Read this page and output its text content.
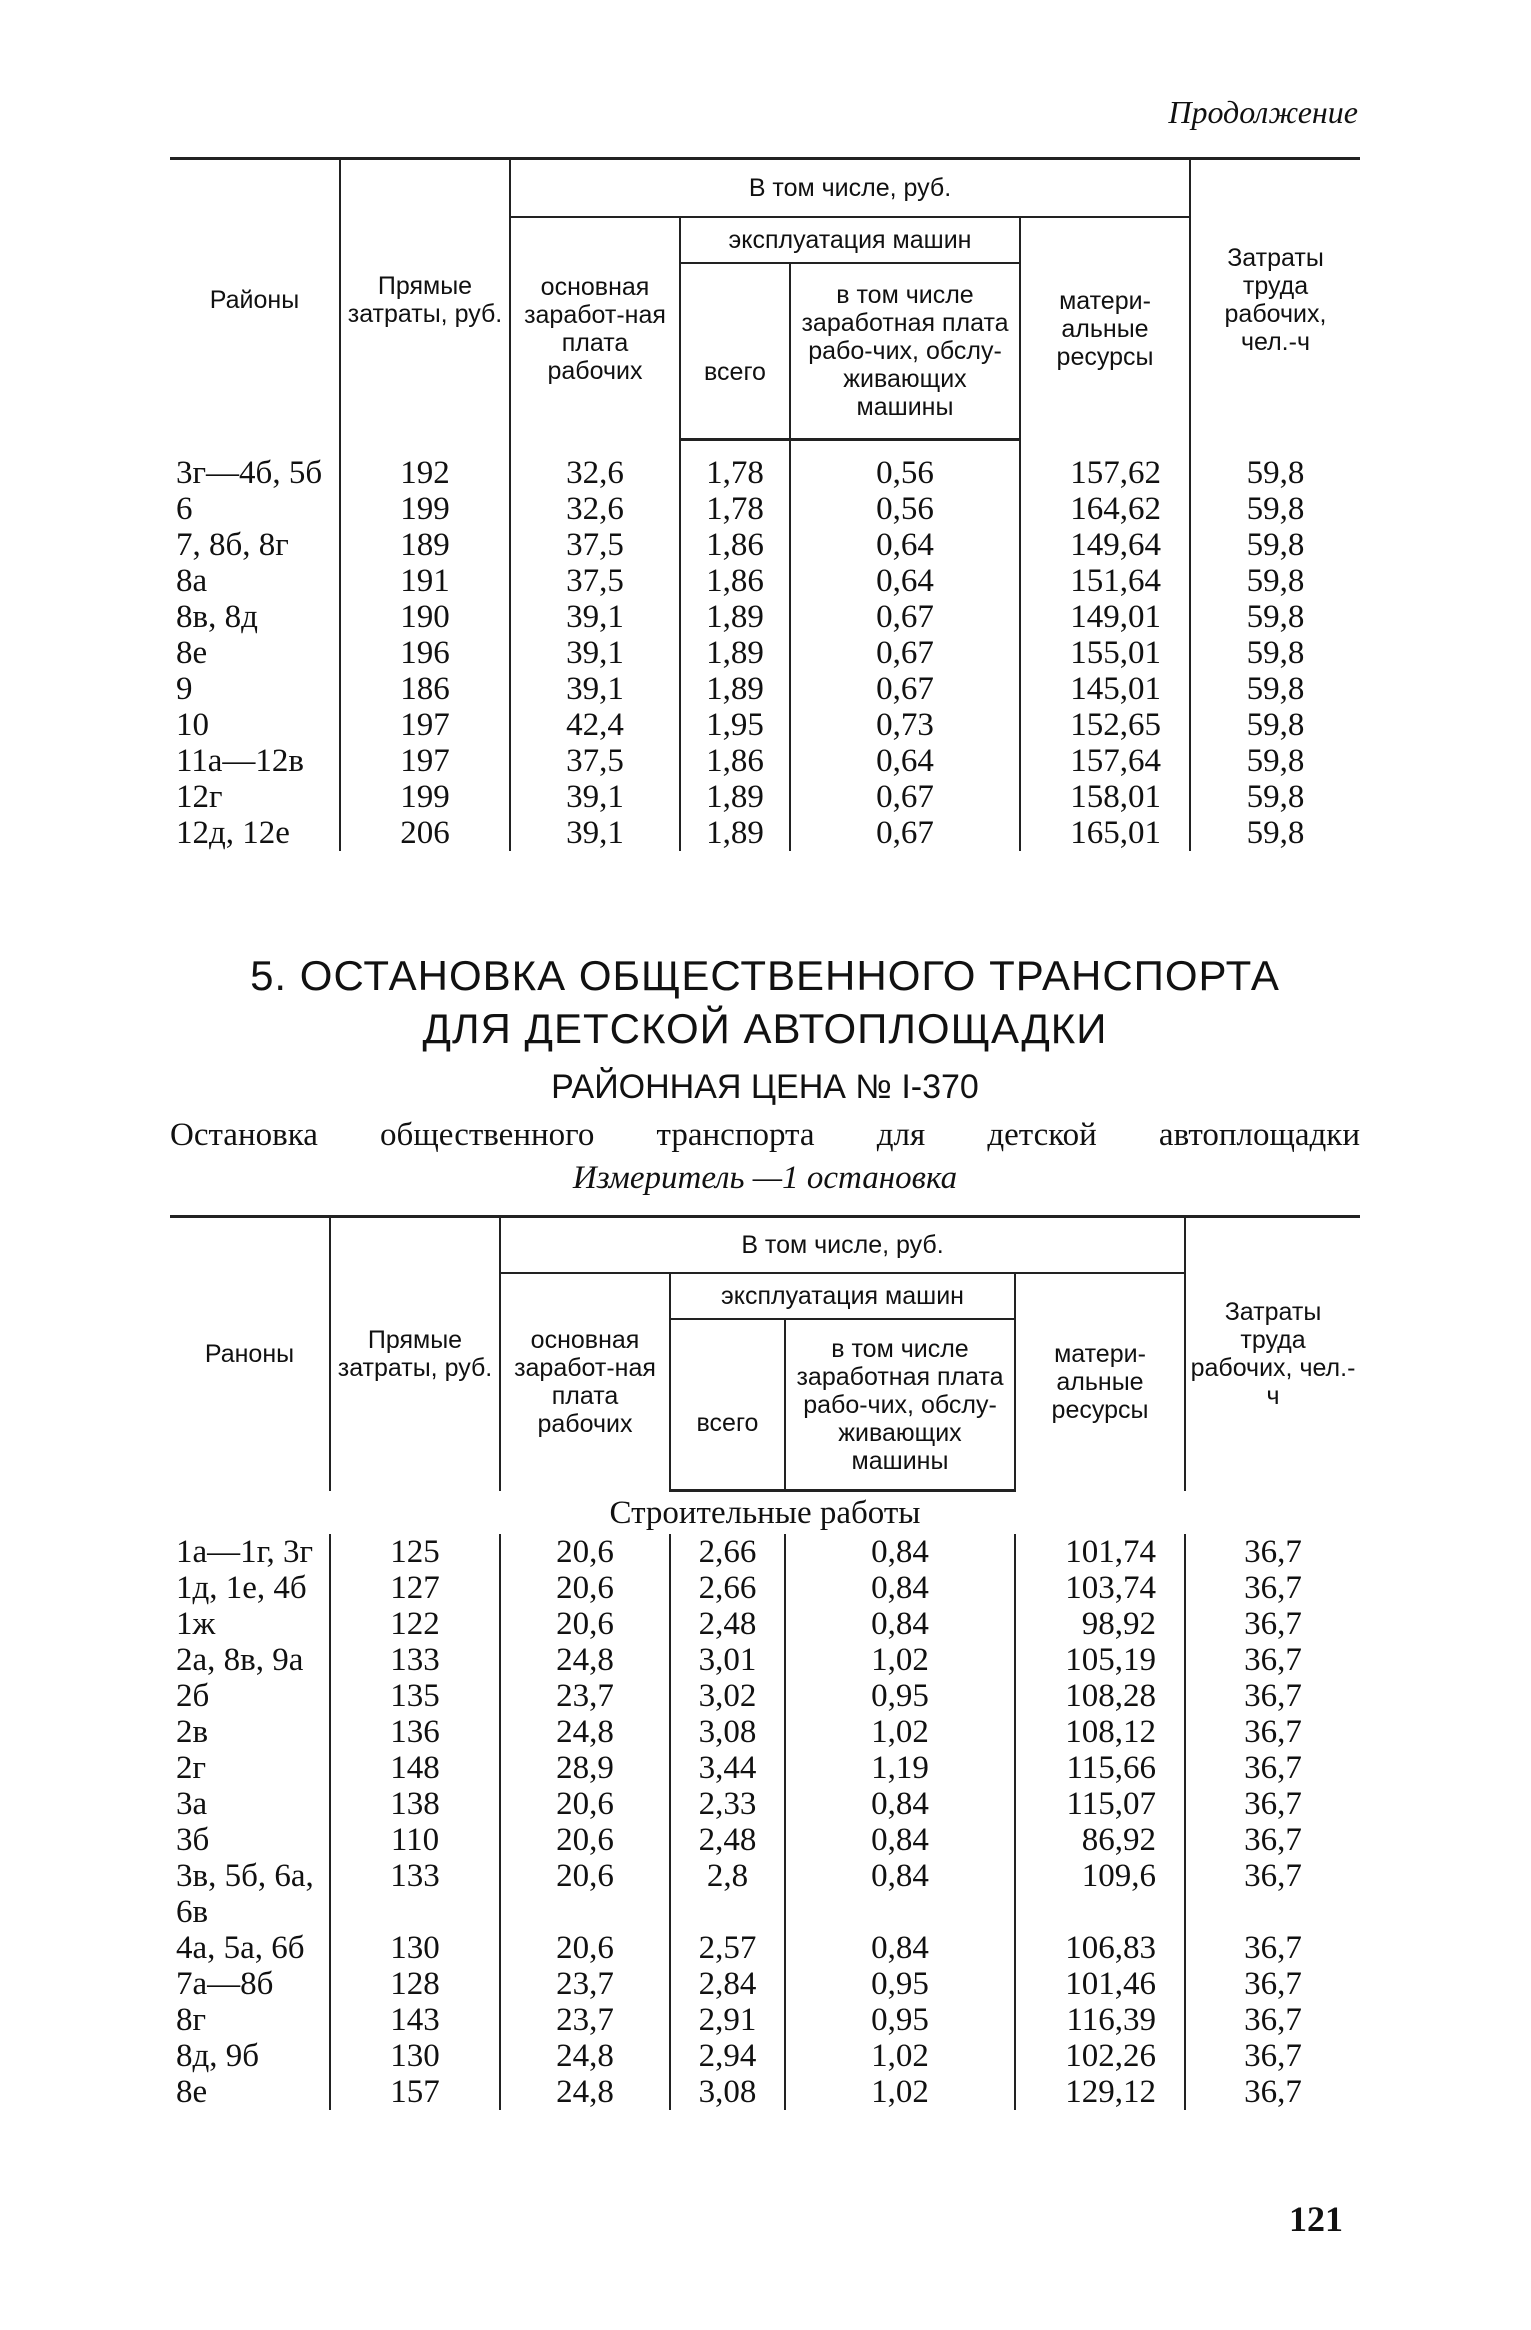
Продолжение
Районы	Прямые затраты, руб.	В том числе, руб.				Затраты труда рабочих, чел.-ч
		основная заработ-ная плата рабочих	эксплуатация машин		матери-альные ресурсы	
			всего	в том числе заработная плата рабо-чих, обслу-живающих машины		

3г—4б, 5б	192	32,6	1,78	0,56	157,62	59,8
6	199	32,6	1,78	0,56	164,62	59,8
7, 8б, 8г	189	37,5	1,86	0,64	149,64	59,8
8а	191	37,5	1,86	0,64	151,64	59,8
8в, 8д	190	39,1	1,89	0,67	149,01	59,8
8е	196	39,1	1,89	0,67	155,01	59,8
9	186	39,1	1,89	0,67	145,01	59,8
10	197	42,4	1,95	0,73	152,65	59,8
11а—12в	197	37,5	1,86	0,64	157,64	59,8
12г	199	39,1	1,89	0,67	158,01	59,8
12д, 12е	206	39,1	1,89	0,67	165,01	59,8
5. ОСТАНОВКА ОБЩЕСТВЕННОГО ТРАНСПОРТА
ДЛЯ ДЕТСКОЙ АВТОПЛОЩАДКИ
РАЙОННАЯ ЦЕНА № І-370
Остановка общественного транспорта для детской автоплощадки
Измеритель —1 остановка
Раноны	Прямые затраты, руб.	В том числе, руб.				Затраты труда рабочих, чел.-ч
		основная заработ-ная плата рабочих	эксплуатация машин		матери-альные ресурсы	
			всего	в том числе заработная плата рабо-чих, обслу-живающих машины		
Строительные работы						
1а—1г, 3г	125	20,6	2,66	0,84	101,74	36,7
1д, 1е, 4б	127	20,6	2,66	0,84	103,74	36,7
1ж	122	20,6	2,48	0,84	98,92	36,7
2а, 8в, 9а	133	24,8	3,01	1,02	105,19	36,7
2б	135	23,7	3,02	0,95	108,28	36,7
2в	136	24,8	3,08	1,02	108,12	36,7
2г	148	28,9	3,44	1,19	115,66	36,7
3а	138	20,6	2,33	0,84	115,07	36,7
3б	110	20,6	2,48	0,84	86,92	36,7
3в, 5б, 6а, 6в	133	20,6	2,8	0,84	109,6	36,7
4а, 5а, 6б	130	20,6	2,57	0,84	106,83	36,7
7а—8б	128	23,7	2,84	0,95	101,46	36,7
8г	143	23,7	2,91	0,95	116,39	36,7
8д, 9б	130	24,8	2,94	1,02	102,26	36,7
8е	157	24,8	3,08	1,02	129,12	36,7
121
